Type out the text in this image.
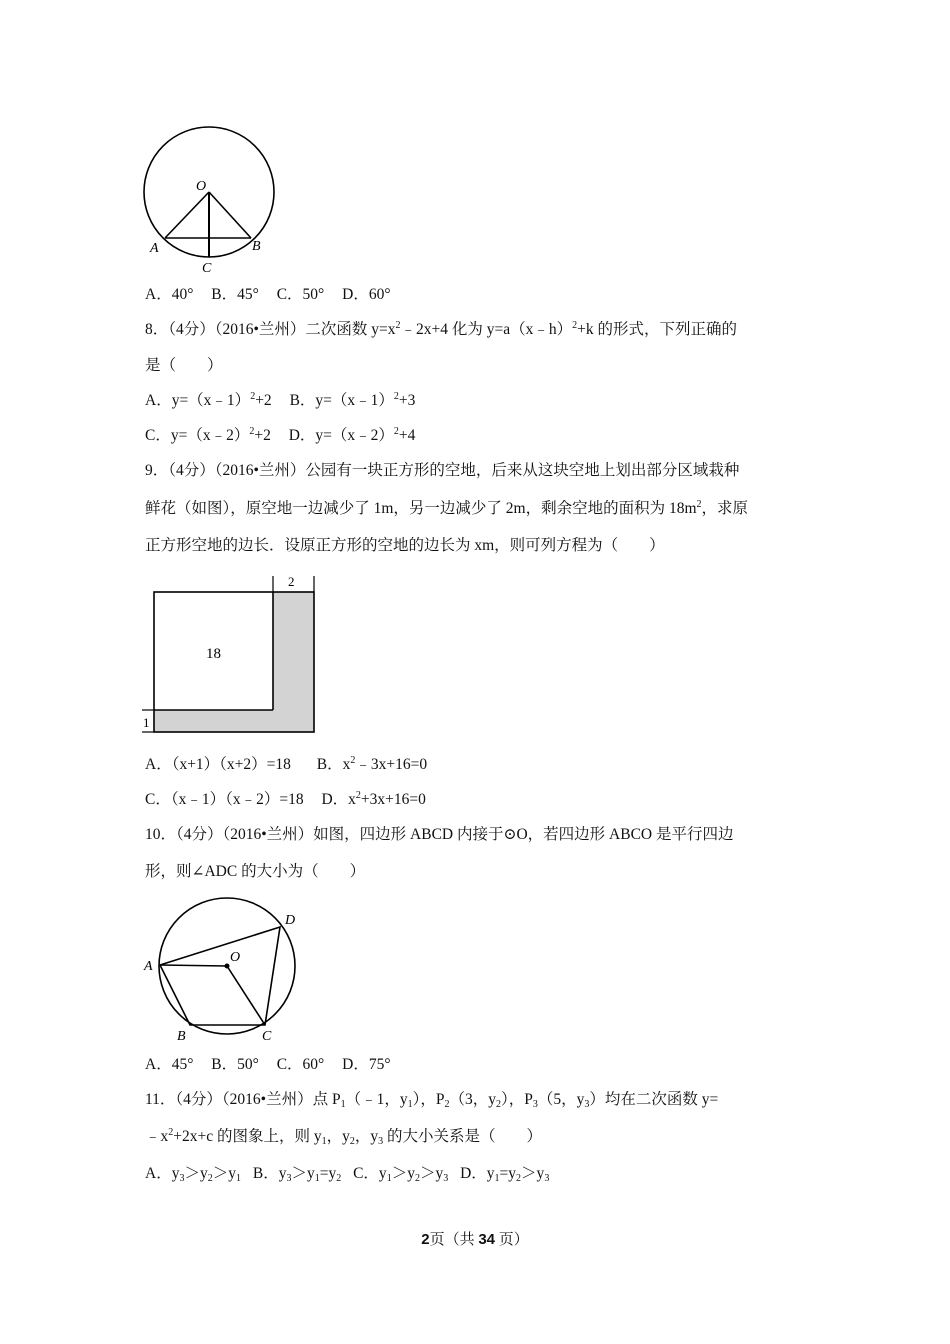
O
A	B
C
A．40° B．45° C．50° D．60°
8．（4分）（2016•兰州）二次函数 $y=x^2﹣2x+4$ 化为 y=a（x﹣h）$^2$+k 的形式，下列正确的
是（　　）
A．y=（x﹣1）$^2$+2 B．y=（x﹣1）$^2$+3
C．y=（x﹣2）$^2$+2 D．y=（x﹣2）$^2$+4
9．（4分）（2016•兰州）公园有一块正方形的空地，后来从这块空地上划出部分区域栽种
鲜花（如图），原空地一边减少了 1m，另一边减少了 2m，剩余空地的面积为 $18m^2$，求原
正方形空地的边长．设原正方形的空地的边长为 xm，则可列方程为（　　）
18
2
1
A．（x+1）（x+2）=18 B．$x^2﹣3x+16=0$
C．（x﹣1）（x﹣2）=18 D．$x^2+3x+16=0$
10．（4分）（2016•兰州）如图，四边形 ABCD 内接于⊙O，若四边形 ABCO 是平行四边
形，则∠ADC 的大小为（　　）
A
B	C
D
O
A．45° B．50° C．60° D．75°
11．（4分）（2016•兰州）点 $P_1(﹣1$，$y_1$），$P_2(3$，$y_2$），$P_3(5$，$y_3$）均在二次函数 y=
$﹣x^2+2x+c$ 的图象上，则 $y_1$，$y_2$，$y_3$ 的大小关系是（　　）
A．$y_3>y_2>y_1$ B．$y_3>y_1=y_2$ C．$y_1>y_2>y_3$ D．$y_1=y_2>y_3$
2页（共 34 页）
